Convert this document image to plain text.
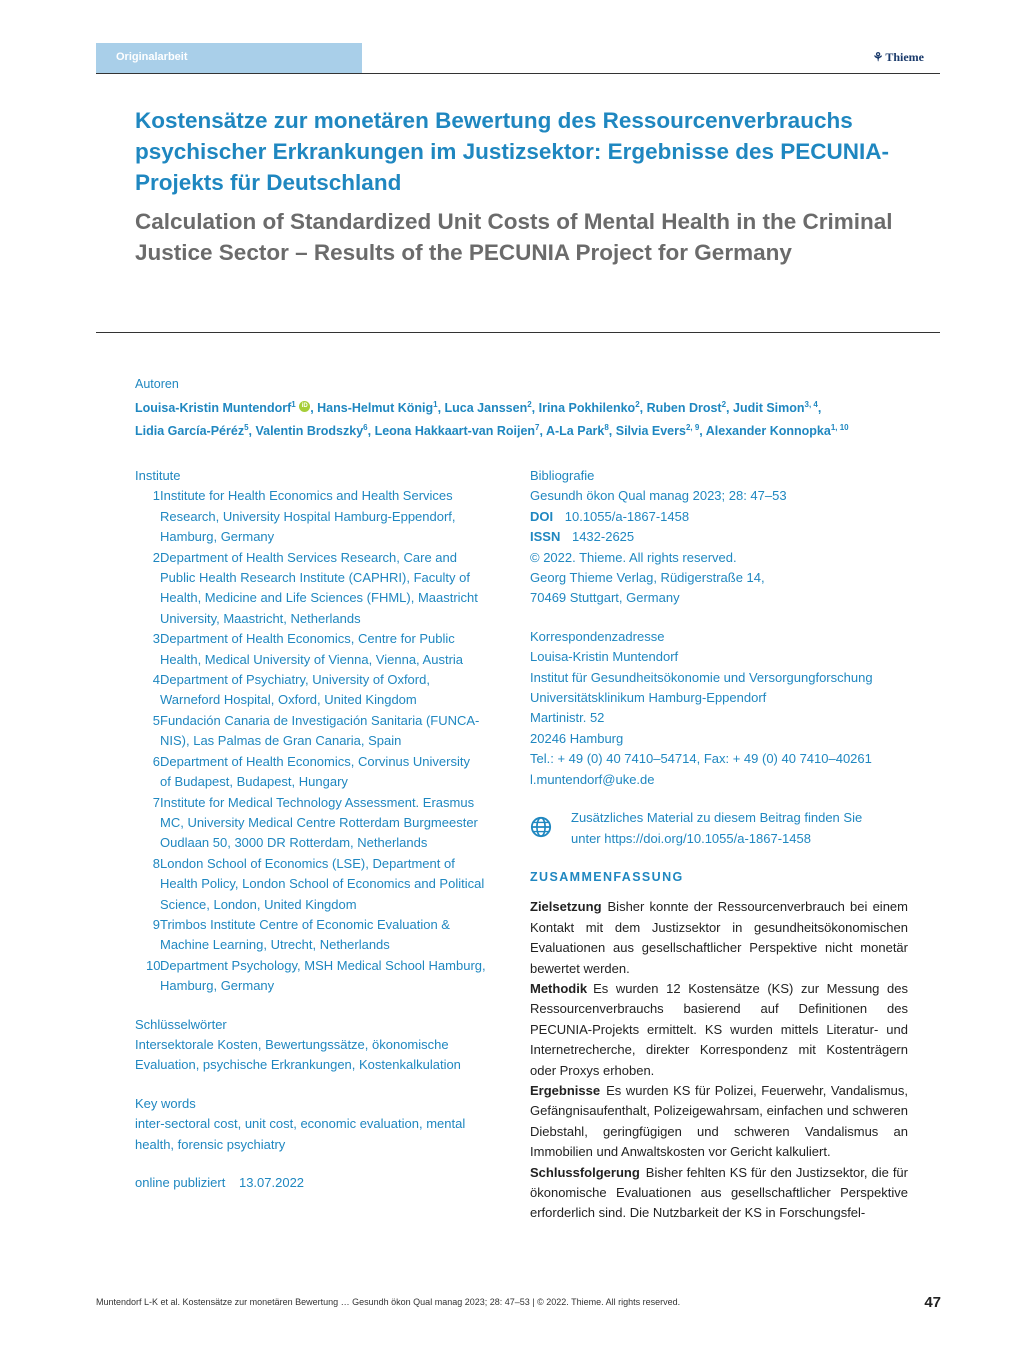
Originalarbeit	⚘ Thieme
Kostensätze zur monetären Bewertung des Ressourcenverbrauchs psychischer Erkrankungen im Justizsektor: Ergebnisse des PECUNIA-Projekts für Deutschland
Calculation of Standardized Unit Costs of Mental Health in the Criminal Justice Sector – Results of the PECUNIA Project for Germany
Autoren
Louisa-Kristin Muntendorf$^1$ iD , Hans-Helmut König$^1$, Luca Janssen$^2$, Irina Pokhilenko$^2$, Ruben Drost$^2$, Judit Simon$^{3, 4}$,
Lidia García-Péréz$^5$, Valentin Brodszky$^6$, Leona Hakkaart-van Roijen$^7$, A-La Park$^8$, Silvia Evers$^{2, 9}$, Alexander Konnopka$^{1, 10}$
Institute
1 Institute for Health Economics and Health Services
Research, University Hospital Hamburg-Eppendorf,
Hamburg, Germany
2 Department of Health Services Research, Care and
Public Health Research Institute (CAPHRI), Faculty of
Health, Medicine and Life Sciences (FHML), Maastricht
University, Maastricht, Netherlands
3 Department of Health Economics, Centre for Public
Health, Medical University of Vienna, Vienna, Austria
4 Department of Psychiatry, University of Oxford,
Warneford Hospital, Oxford, United Kingdom
5 Fundación Canaria de Investigación Sanitaria (FUNCA-
NIS), Las Palmas de Gran Canaria, Spain
6 Department of Health Economics, Corvinus University
of Budapest, Budapest, Hungary
7 Institute for Medical Technology Assessment. Erasmus
MC, University Medical Centre Rotterdam Burgmeester
Oudlaan 50, 3000 DR Rotterdam, Netherlands
8 London School of Economics (LSE), Department of
Health Policy, London School of Economics and Political
Science, London, United Kingdom
9 Trimbos Institute Centre of Economic Evaluation &
Machine Learning, Utrecht, Netherlands
10 Department Psychology, MSH Medical School Hamburg,
Hamburg, Germany
Schlüsselwörter
Intersektorale Kosten, Bewertungssätze, ökonomische
Evaluation, psychische Erkrankungen, Kostenkalkulation
Key words
inter-sectoral cost, unit cost, economic evaluation, mental
health, forensic psychiatry
online publiziert 13.07.2022
Bibliografie
Gesundh ökon Qual manag 2023; 28: 47–53
DOI 10.1055/a-1867-1458
ISSN 1432-2625
© 2022. Thieme. All rights reserved.
Georg Thieme Verlag, Rüdigerstraße 14,
70469 Stuttgart, Germany
Korrespondenzadresse
Louisa-Kristin Muntendorf
Institut für Gesundheitsökonomie und Versorgungforschung
Universitätsklinikum Hamburg-Eppendorf
Martinistr. 52
20246 Hamburg
Tel.: + 49 (0) 40 7410–54714, Fax: + 49 (0) 40 7410–40261
l.muntendorf@uke.de
Zusätzliches Material zu diesem Beitrag finden Sie
unter https://doi.org/10.1055/a-1867-1458
ZUSAMMENFASSUNG
Zielsetzung Bisher konnte der Ressourcenverbrauch bei einem Kontakt mit dem Justizsektor in gesundheitsökonomischen Evaluationen aus gesellschaftlicher Perspektive nicht monetär bewertet werden.
Methodik Es wurden 12 Kostensätze (KS) zur Messung des Ressourcenverbrauchs basierend auf Definitionen des PECUNIA-Projekts ermittelt. KS wurden mittels Literatur- und Internetrecherche, direkter Korrespondenz mit Kostenträgern oder Proxys erhoben.
Ergebnisse Es wurden KS für Polizei, Feuerwehr, Vandalismus, Gefängnisaufenthalt, Polizeigewahrsam, einfachen und schweren Diebstahl, geringfügigen und schweren Vandalismus an Immobilien und Anwaltskosten vor Gericht kalkuliert.
Schlussfolgerung Bisher fehlten KS für den Justizsektor, die für ökonomische Evaluationen aus gesellschaftlicher Perspektive erforderlich sind. Die Nutzbarkeit der KS in Forschungsfel-
Muntendorf L-K et al. Kostensätze zur monetären Bewertung … Gesundh ökon Qual manag 2023; 28: 47–53 | © 2022. Thieme. All rights reserved.	47
